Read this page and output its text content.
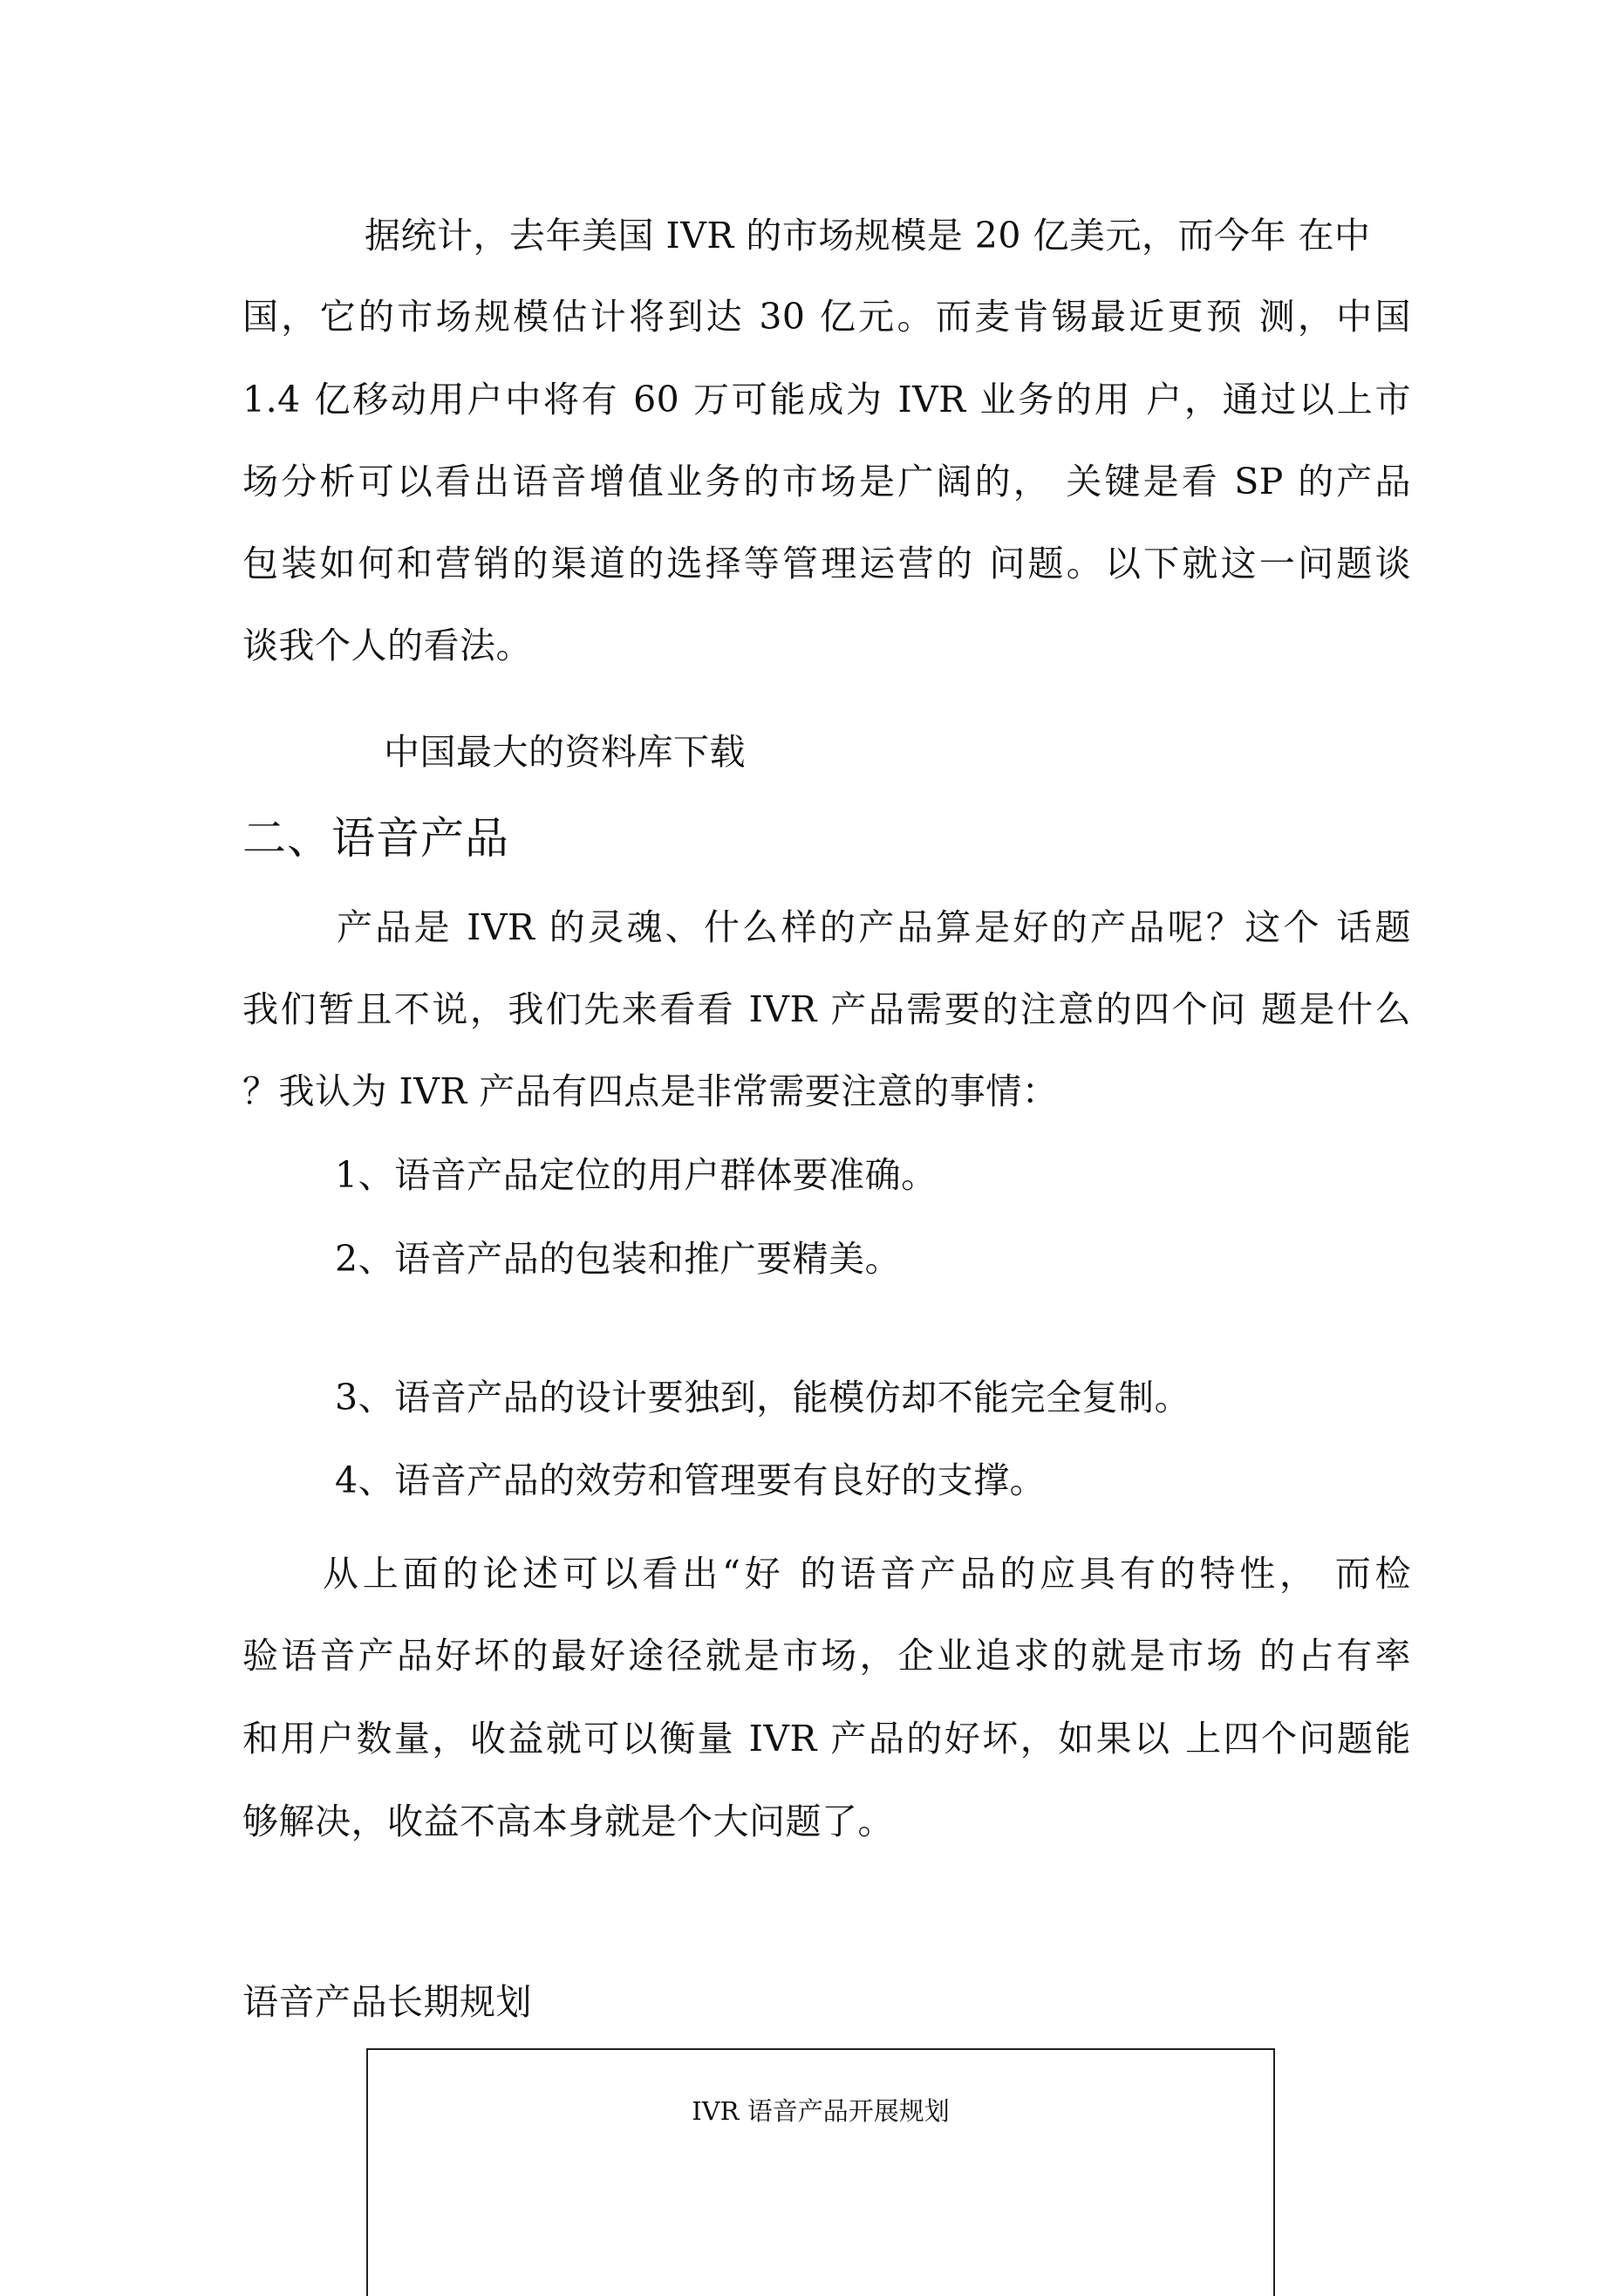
据统计，去年美国 IVR 的市场规模是 20 亿美元，而今年 在中
国，它的市场规模估计将到达 30 亿元。而麦肯锡最近更预 测，中国
1.4 亿移动用户中将有 60 万可能成为 IVR 业务的用 户，通过以上市
场分析可以看出语音增值业务的市场是广阔的， 关键是看 SP 的产品
包装如何和营销的渠道的选择等管理运营的 问题。以下就这一问题谈
谈我个人的看法。
中国最大的资料库下载
二、语音产品
产品是 IVR 的灵魂、什么样的产品算是好的产品呢？这个 话题
我们暂且不说，我们先来看看 IVR 产品需要的注意的四个问 题是什么
？我认为 IVR 产品有四点是非常需要注意的事情：
1、语音产品定位的用户群体要准确。
2、语音产品的包装和推广要精美。
3、语音产品的设计要独到，能模仿却不能完全复制。
4、语音产品的效劳和管理要有良好的支撑。
从上面的论述可以看出“好 的语音产品的应具有的特性， 而检
验语音产品好坏的最好途径就是市场，企业追求的就是市场 的占有率
和用户数量，收益就可以衡量 IVR 产品的好坏，如果以 上四个问题能
够解决，收益不高本身就是个大问题了。
语音产品长期规划
IVR 语音产品开展规划
